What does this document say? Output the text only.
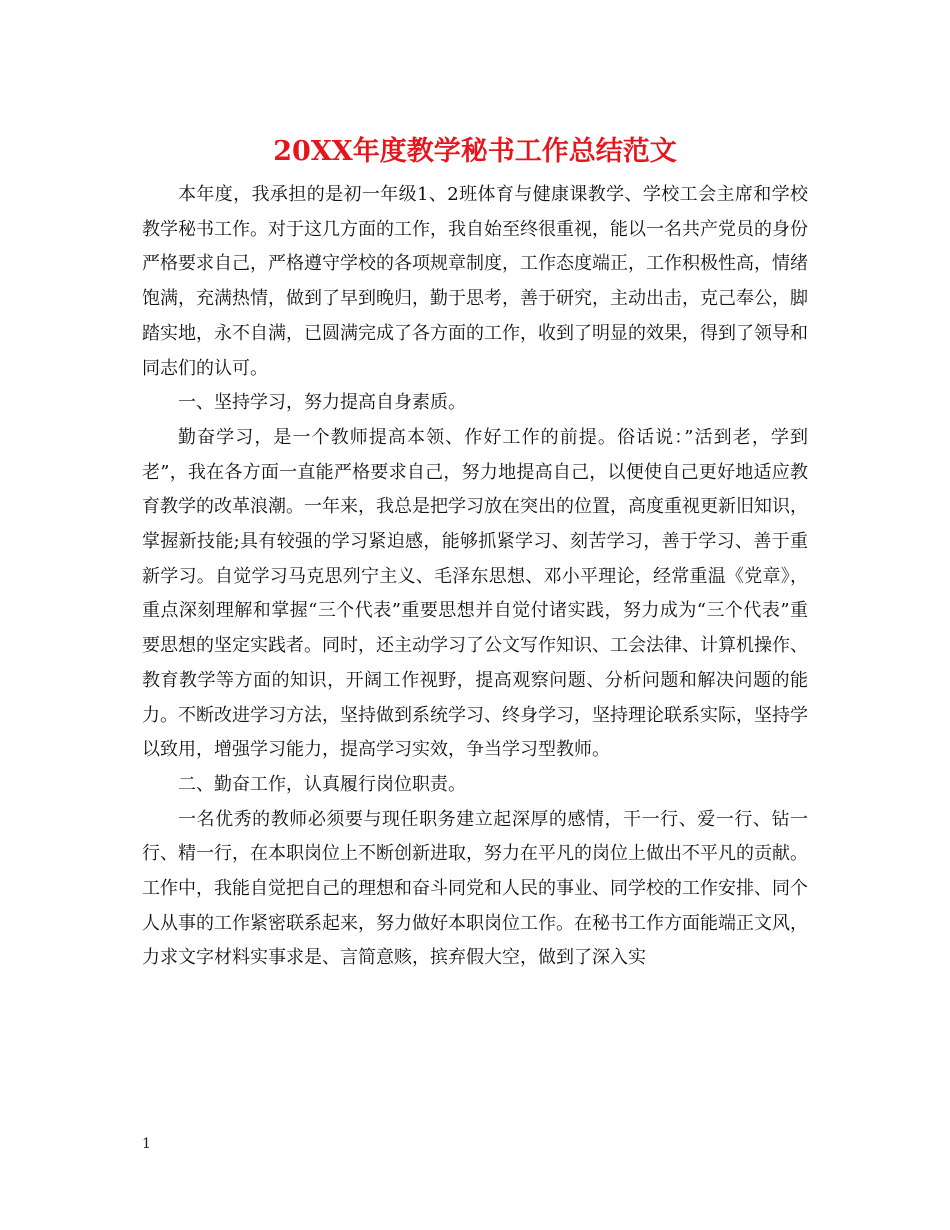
20XX年度教学秘书工作总结范文

本年度，我承担的是初一年级1、2班体育与健康课教学、学校工会主席和学校教学秘书工作。对于这几方面的工作，我自始至终很重视，能以一名共产党员的身份严格要求自己，严格遵守学校的各项规章制度，工作态度端正，工作积极性高，情绪饱满，充满热情，做到了早到晚归，勤于思考，善于研究，主动出击，克己奉公，脚踏实地，永不自满，已圆满完成了各方面的工作，收到了明显的效果，得到了领导和同志们的认可。

一、坚持学习，努力提高自身素质。

勤奋学习，是一个教师提高本领、作好工作的前提。俗话说：”活到老，学到老”，我在各方面一直能严格要求自己，努力地提高自己，以便使自己更好地适应教育教学的改革浪潮。一年来，我总是把学习放在突出的位置，高度重视更新旧知识，掌握新技能;具有较强的学习紧迫感，能够抓紧学习、刻苦学习，善于学习、善于重新学习。自觉学习马克思列宁主义、毛泽东思想、邓小平理论，经常重温《党章》，重点深刻理解和掌握“三个代表”重要思想并自觉付诸实践，努力成为“三个代表”重要思想的坚定实践者。同时，还主动学习了公文写作知识、工会法律、计算机操作、教育教学等方面的知识，开阔工作视野，提高观察问题、分析问题和解决问题的能力。不断改进学习方法，坚持做到系统学习、终身学习，坚持理论联系实际，坚持学以致用，增强学习能力，提高学习实效，争当学习型教师。

二、勤奋工作，认真履行岗位职责。

一名优秀的教师必须要与现任职务建立起深厚的感情，干一行、爱一行、钻一行、精一行，在本职岗位上不断创新进取，努力在平凡的岗位上做出不平凡的贡献。工作中，我能自觉把自己的理想和奋斗同党和人民的事业、同学校的工作安排、同个人从事的工作紧密联系起来，努力做好本职岗位工作。在秘书工作方面能端正文风，力求文字材料实事求是、言简意赅，摈弃假大空，做到了深入实

1
